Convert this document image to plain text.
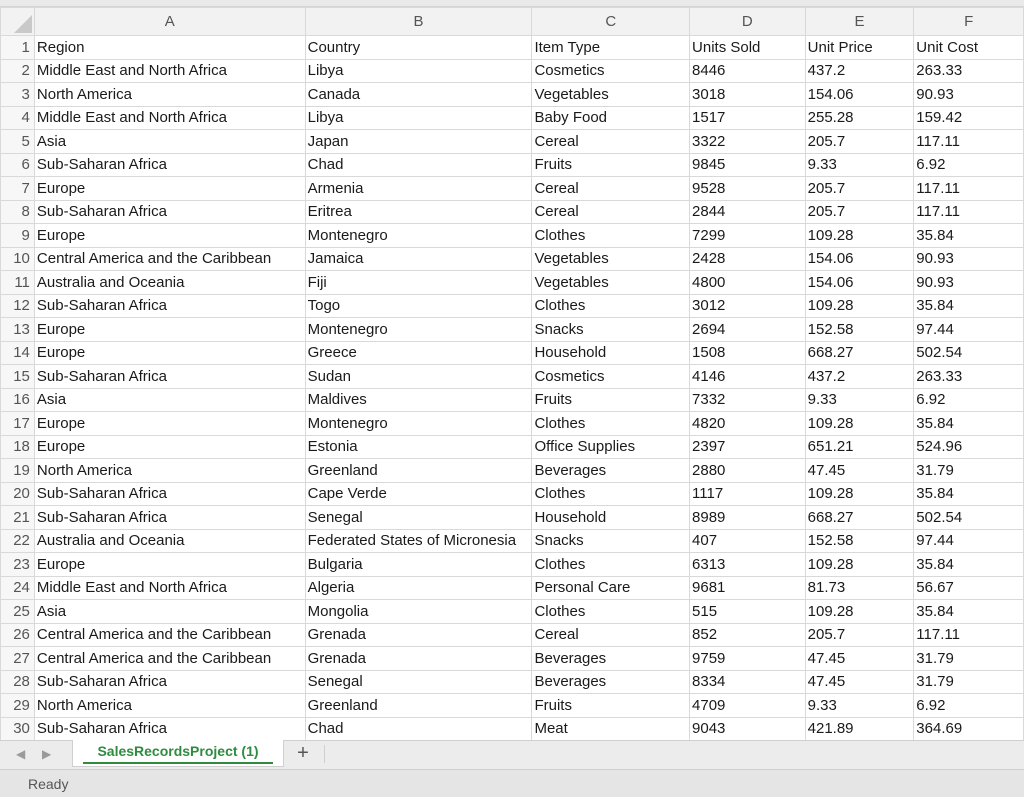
	A	B	C	D	E	F
1	Region	Country	Item Type	Units Sold	Unit Price	Unit Cost
2	Middle East and North Africa	Libya	Cosmetics	8446	437.2	263.33
3	North America	Canada	Vegetables	3018	154.06	90.93
4	Middle East and North Africa	Libya	Baby Food	1517	255.28	159.42
5	Asia	Japan	Cereal	3322	205.7	117.11
6	Sub-Saharan Africa	Chad	Fruits	9845	9.33	6.92
7	Europe	Armenia	Cereal	9528	205.7	117.11
8	Sub-Saharan Africa	Eritrea	Cereal	2844	205.7	117.11
9	Europe	Montenegro	Clothes	7299	109.28	35.84
10	Central America and the Caribbean	Jamaica	Vegetables	2428	154.06	90.93
11	Australia and Oceania	Fiji	Vegetables	4800	154.06	90.93
12	Sub-Saharan Africa	Togo	Clothes	3012	109.28	35.84
13	Europe	Montenegro	Snacks	2694	152.58	97.44
14	Europe	Greece	Household	1508	668.27	502.54
15	Sub-Saharan Africa	Sudan	Cosmetics	4146	437.2	263.33
16	Asia	Maldives	Fruits	7332	9.33	6.92
17	Europe	Montenegro	Clothes	4820	109.28	35.84
18	Europe	Estonia	Office Supplies	2397	651.21	524.96
19	North America	Greenland	Beverages	2880	47.45	31.79
20	Sub-Saharan Africa	Cape Verde	Clothes	1117	109.28	35.84
21	Sub-Saharan Africa	Senegal	Household	8989	668.27	502.54
22	Australia and Oceania	Federated States of Micronesia	Snacks	407	152.58	97.44
23	Europe	Bulgaria	Clothes	6313	109.28	35.84
24	Middle East and North Africa	Algeria	Personal Care	9681	81.73	56.67
25	Asia	Mongolia	Clothes	515	109.28	35.84
26	Central America and the Caribbean	Grenada	Cereal	852	205.7	117.11
27	Central America and the Caribbean	Grenada	Beverages	9759	47.45	31.79
28	Sub-Saharan Africa	Senegal	Beverages	8334	47.45	31.79
29	North America	Greenland	Fruits	4709	9.33	6.92
30	Sub-Saharan Africa	Chad	Meat	9043	421.89	364.69
◀ ▶	SalesRecordsProject (1)	+
Ready
